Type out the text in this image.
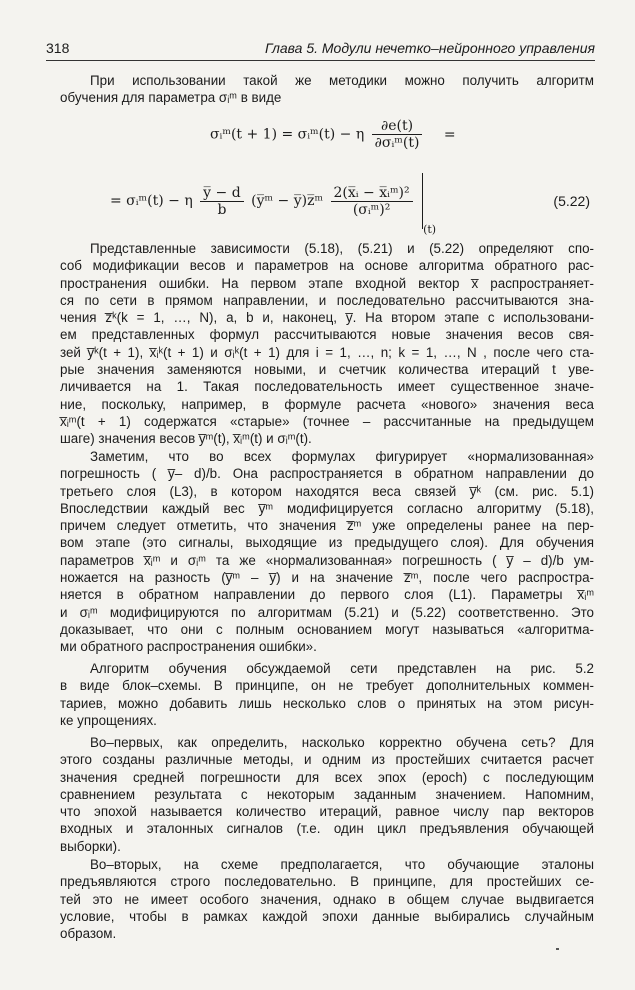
318	Глава 5. Модули нечетко–нейронного управления
При использовании такой же методики можно получить алгоритм
обучения для параметра σᵢᵐ в виде
σᵢᵐ(t + 1) = σᵢᵐ(t) − η $\frac{\partial e(t)}{\text{∂σᵢᵐ(t)}}$ =
= σᵢᵐ(t) − η $\frac{y̅ - d}{b}$ (y̅ᵐ − y̅)z̅ᵐ $\frac{\text{2(x̅ᵢ − x̅ᵢᵐ)²}}{\text{(σᵢᵐ)²}}$
$_{(t)}$
(5.22)
Представленные зависимости (5.18), (5.21) и (5.22) определяют спо-
соб модификации весов и параметров на основе алгоритма обратного рас-
пространения ошибки. На первом этапе входной вектор x̅ распространяет-
ся по сети в прямом направлении, и последовательно рассчитываются зна-
чения z̅ᵏ(k = 1, …, N), a, b и, наконец, y̅. На втором этапе с использовани-
ем представленных формул рассчитываются новые значения весов свя-
зей y̅ᵏ(t + 1), x̅ᵢᵏ(t + 1) и σᵢᵏ(t + 1) для i = 1, …, n; k = 1, …, N , после чего ста-
рые значения заменяются новыми, и счетчик количества итераций t уве-
личивается на 1. Такая последовательность имеет существенное значе-
ние, поскольку, например, в формуле расчета «нового» значения веса
x̅ᵢᵐ(t + 1) содержатся «старые» (точнее – рассчитанные на предыдущем
шаге) значения весов y̅ᵐ(t), x̅ᵢᵐ(t) и σᵢᵐ(t).
Заметим, что во всех формулах фигурирует «нормализованная»
погрешность ( y̅– d)/b. Она распространяется в обратном направлении до
третьего слоя (L3), в котором находятся веса связей y̅ᵏ (см. рис. 5.1)
Впоследствии каждый вес y̅ᵐ модифицируется согласно алгоритму (5.18),
причем следует отметить, что значения z̅ᵐ уже определены ранее на пер-
вом этапе (это сигналы, выходящие из предыдущего слоя). Для обучения
параметров x̅ᵢᵐ и σᵢᵐ та же «нормализованная» погрешность ( y̅ – d)/b ум-
ножается на разность (y̅ᵐ – y̅) и на значение z̅ᵐ, после чего распростра-
няется в обратном направлении до первого слоя (L1). Параметры x̅ᵢᵐ
и σᵢᵐ модифицируются по алгоритмам (5.21) и (5.22) соответственно. Это
доказывает, что они с полным основанием могут называться «алгоритма-
ми обратного распространения ошибки».
Алгоритм обучения обсуждаемой сети представлен на рис. 5.2
в виде блок–схемы. В принципе, он не требует дополнительных коммен-
тариев, можно добавить лишь несколько слов о принятых на этом рисун-
ке упрощениях.
Во–первых, как определить, насколько корректно обучена сеть? Для
этого созданы различные методы, и одним из простейших считается расчет
значения средней погрешности для всех эпох (epoch) с последующим
сравнением результата с некоторым заданным значением. Напомним,
что эпохой называется количество итераций, равное числу пар векторов
входных и эталонных сигналов (т.е. один цикл предъявления обучающей
выборки).
Во–вторых, на схеме предполагается, что обучающие эталоны
предъявляются строго последовательно. В принципе, для простейших се-
тей это не имеет особого значения, однако в общем случае выдвигается
условие, чтобы в рамках каждой эпохи данные выбирались случайным
образом.
